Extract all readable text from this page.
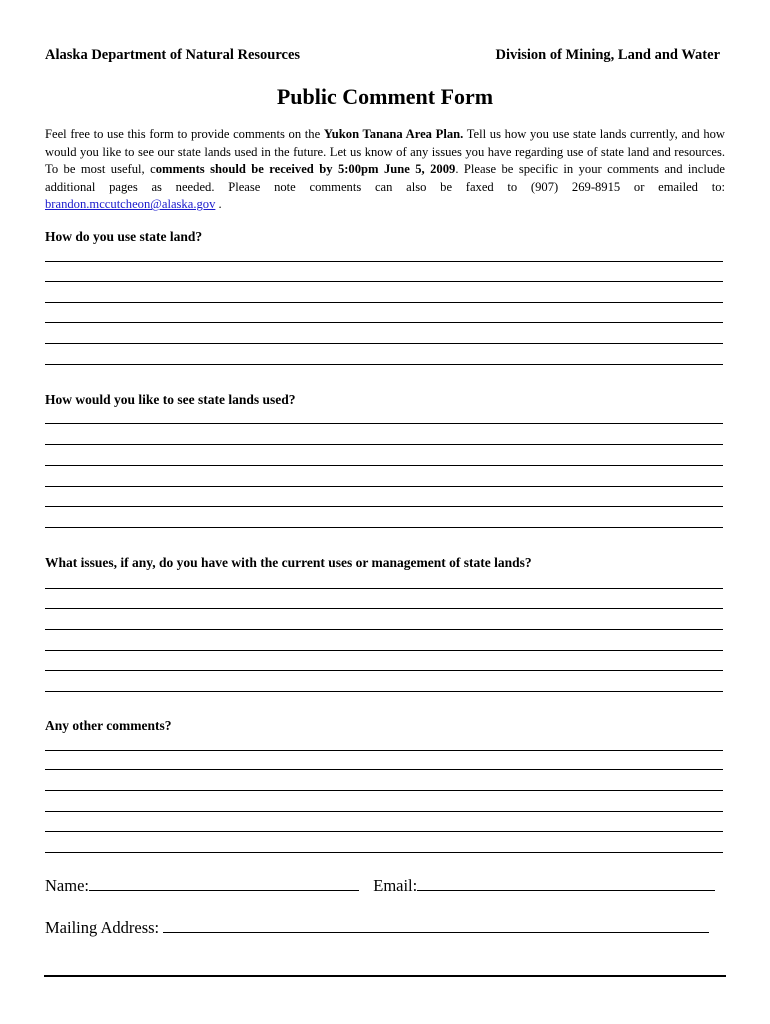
Alaska Department of Natural Resources	Division of Mining, Land and Water
Public Comment Form
Feel free to use this form to provide comments on the Yukon Tanana Area Plan. Tell us how you use state lands currently, and how would you like to see our state lands used in the future. Let us know of any issues you have regarding use of state land and resources. To be most useful, comments should be received by 5:00pm June 5, 2009. Please be specific in your comments and include additional pages as needed. Please note comments can also be faxed to (907) 269-8915 or emailed to: brandon.mccutcheon@alaska.gov .
How do you use state land?
How would you like to see state lands used?
What issues, if any, do you have with the current uses or management of state lands?
Any other comments?
Name:	Email:
Mailing Address:
